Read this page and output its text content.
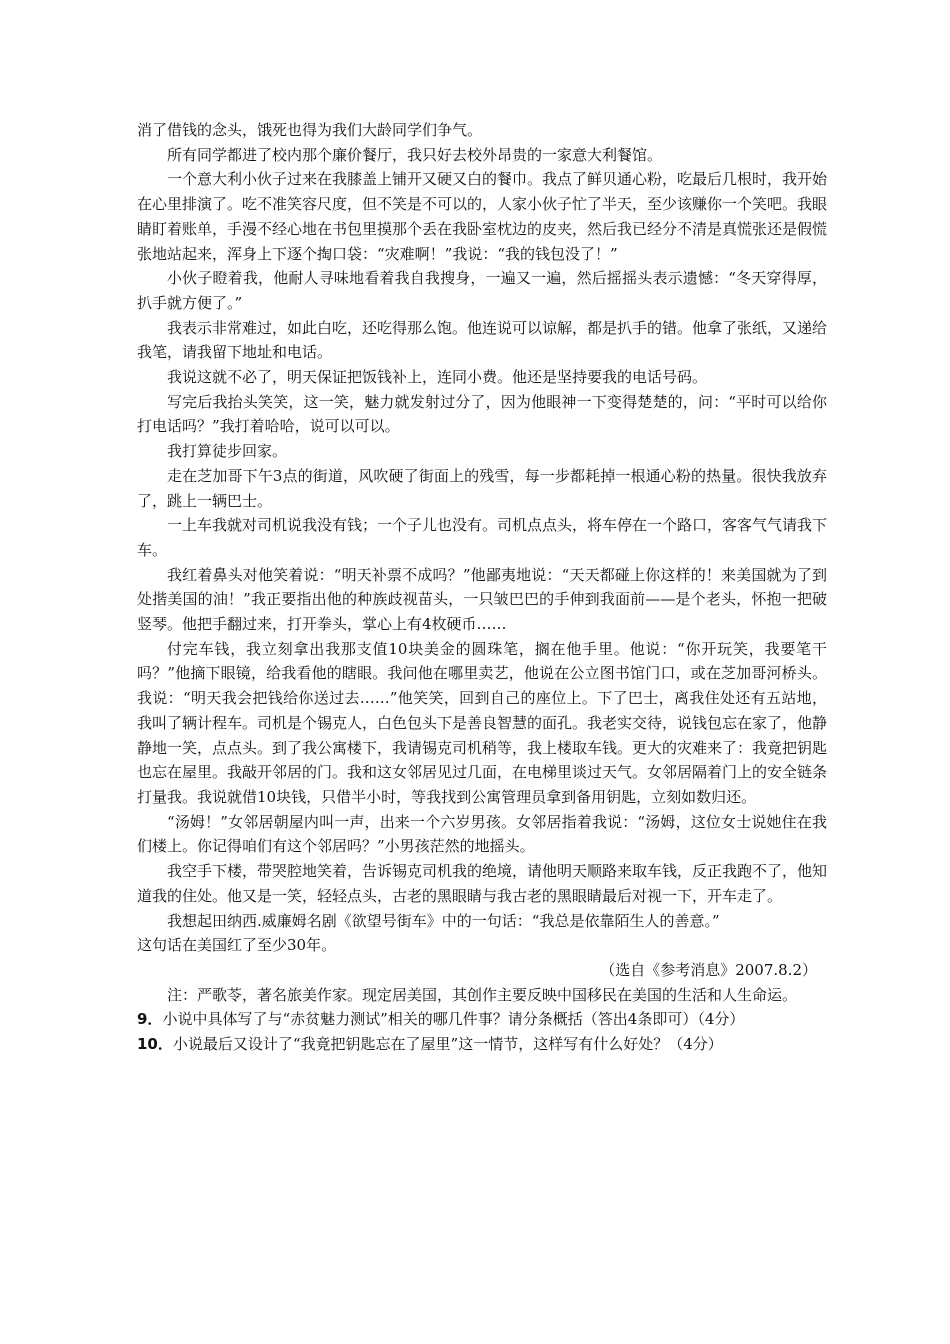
消了借钱的念头，饿死也得为我们大龄同学们争气。

所有同学都进了校内那个廉价餐厅，我只好去校外昂贵的一家意大利餐馆。

一个意大利小伙子过来在我膝盖上铺开又硬又白的餐巾。我点了鲜贝通心粉，吃最后几根时，我开始在心里排演了。吃不准笑容尺度，但不笑是不可以的，人家小伙子忙了半天，至少该赚你一个笑吧。我眼睛盯着账单，手漫不经心地在书包里摸那个丢在我卧室枕边的皮夹，然后我已经分不清是真慌张还是假慌张地站起来，浑身上下逐个掏口袋：“灾难啊！”我说：“我的钱包没了！”

小伙子瞪着我，他耐人寻味地看着我自我搜身，一遍又一遍，然后摇摇头表示遗憾：“冬天穿得厚，扒手就方便了。”

我表示非常难过，如此白吃，还吃得那么饱。他连说可以谅解，都是扒手的错。他拿了张纸，又递给我笔，请我留下地址和电话。

我说这就不必了，明天保证把饭钱补上，连同小费。他还是坚持要我的电话号码。

写完后我抬头笑笑，这一笑，魅力就发射过分了，因为他眼神一下变得楚楚的，问：“平时可以给你打电话吗？”我打着哈哈，说可以可以。

我打算徒步回家。

走在芝加哥下午3点的街道，风吹硬了街面上的残雪，每一步都耗掉一根通心粉的热量。很快我放弃了，跳上一辆巴士。

一上车我就对司机说我没有钱；一个子儿也没有。司机点点头，将车停在一个路口，客客气气请我下车。

我红着鼻头对他笑着说：“明天补票不成吗？”他鄙夷地说：“天天都碰上你这样的！来美国就为了到处揩美国的油！”我正要指出他的种族歧视苗头，一只皱巴巴的手伸到我面前——是个老头，怀抱一把破竖琴。他把手翻过来，打开拳头，掌心上有4枚硬币……

付完车钱，我立刻拿出我那支值10块美金的圆珠笔，搁在他手里。他说：“你开玩笑，我要笔干吗？”他摘下眼镜，给我看他的瞎眼。我问他在哪里卖艺，他说在公立图书馆门口，或在芝加哥河桥头。我说：“明天我会把钱给你送过去……”他笑笑，回到自己的座位上。下了巴士，离我住处还有五站地，我叫了辆计程车。司机是个锡克人，白色包头下是善良智慧的面孔。我老实交待，说钱包忘在家了，他静静地一笑，点点头。到了我公寓楼下，我请锡克司机稍等，我上楼取车钱。更大的灾难来了：我竟把钥匙也忘在屋里。我敲开邻居的门。我和这女邻居见过几面，在电梯里谈过天气。女邻居隔着门上的安全链条打量我。我说就借10块钱，只借半小时，等我找到公寓管理员拿到备用钥匙，立刻如数归还。

“汤姆！”女邻居朝屋内叫一声，出来一个六岁男孩。女邻居指着我说：“汤姆，这位女士说她住在我们楼上。你记得咱们有这个邻居吗？”小男孩茫然的地摇头。

我空手下楼，带哭腔地笑着，告诉锡克司机我的绝境，请他明天顺路来取车钱，反正我跑不了，他知道我的住处。他又是一笑，轻轻点头，古老的黑眼睛与我古老的黑眼睛最后对视一下，开车走了。

我想起田纳西.威廉姆名剧《欲望号街车》中的一句话：“我总是依靠陌生人的善意。”

这句话在美国红了至少30年。

（选自《参考消息》2007.8.2）

注：严歌苓，著名旅美作家。现定居美国，其创作主要反映中国移民在美国的生活和人生命运。

9．小说中具体写了与“赤贫魅力测试”相关的哪几件事？请分条概括（答出4条即可）（4分）

10．小说最后又设计了“我竟把钥匙忘在了屋里”这一情节，这样写有什么好处？（4分）
